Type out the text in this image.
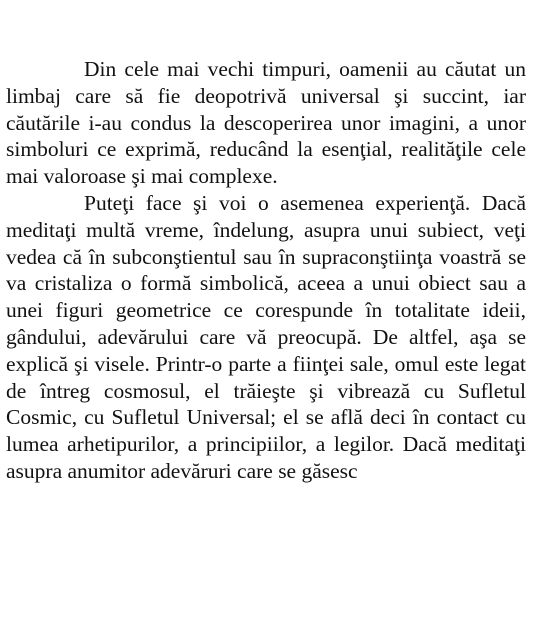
Din cele mai vechi timpuri, oamenii au căutat un limbaj care să fie deopotrivă universal şi succint, iar căutările i-au condus la descoperirea unor imagini, a unor simboluri ce exprimă, reducând la esenţial, realităţile cele mai valoroase şi mai complexe.

Puteţi face şi voi o asemenea experienţă. Dacă meditaţi multă vreme, îndelung, asupra unui subiect, veţi vedea că în subconştientul sau în supraconştiinţa voastră se va cristaliza o formă simbolică, aceea a unui obiect sau a unei figuri geometrice ce corespunde în totalitate ideii, gândului, adevărului care vă preocupă. De altfel, aşa se explică şi visele. Printr-o parte a fiinţei sale, omul este legat de întreg cosmosul, el trăieşte şi vibrează cu Sufletul Cosmic, cu Sufletul Universal; el se află deci în contact cu lumea arhetipurilor, a principiilor, a legilor. Dacă meditaţi asupra anumitor adevăruri care se găsesc
